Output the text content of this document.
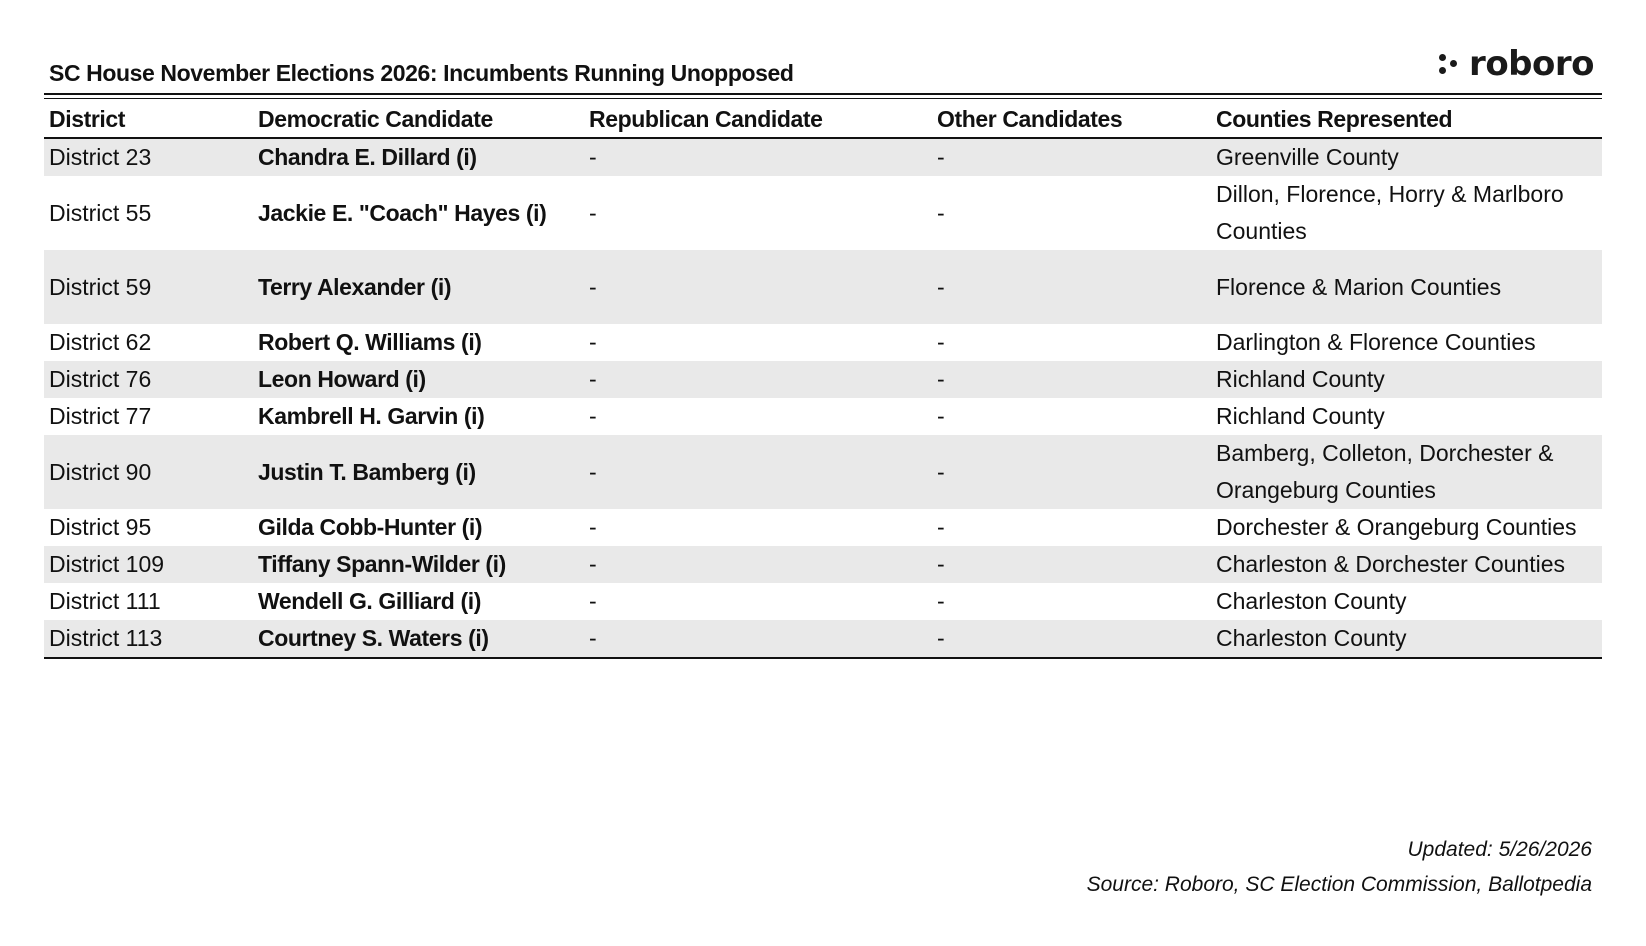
SC House November Elections 2026: Incumbents Running Unopposed	roboro
District	Democratic Candidate	Republican Candidate	Other Candidates	Counties Represented
District 23	Chandra E. Dillard (i)	-	-	Greenville County
District 55	Jackie E. "Coach" Hayes (i)	-	-	Dillon, Florence, Horry & Marlboro Counties
District 59	Terry Alexander (i)	-	-	Florence & Marion Counties
District 62	Robert Q. Williams (i)	-	-	Darlington & Florence Counties
District 76	Leon Howard (i)	-	-	Richland County
District 77	Kambrell H. Garvin (i)	-	-	Richland County
District 90	Justin T. Bamberg (i)	-	-	Bamberg, Colleton, Dorchester & Orangeburg Counties
District 95	Gilda Cobb-Hunter (i)	-	-	Dorchester & Orangeburg Counties
District 109	Tiffany Spann-Wilder (i)	-	-	Charleston & Dorchester Counties
District 111	Wendell G. Gilliard (i)	-	-	Charleston County
District 113	Courtney S. Waters (i)	-	-	Charleston County
Updated: 5/26/2026
Source: Roboro, SC Election Commission, Ballotpedia
